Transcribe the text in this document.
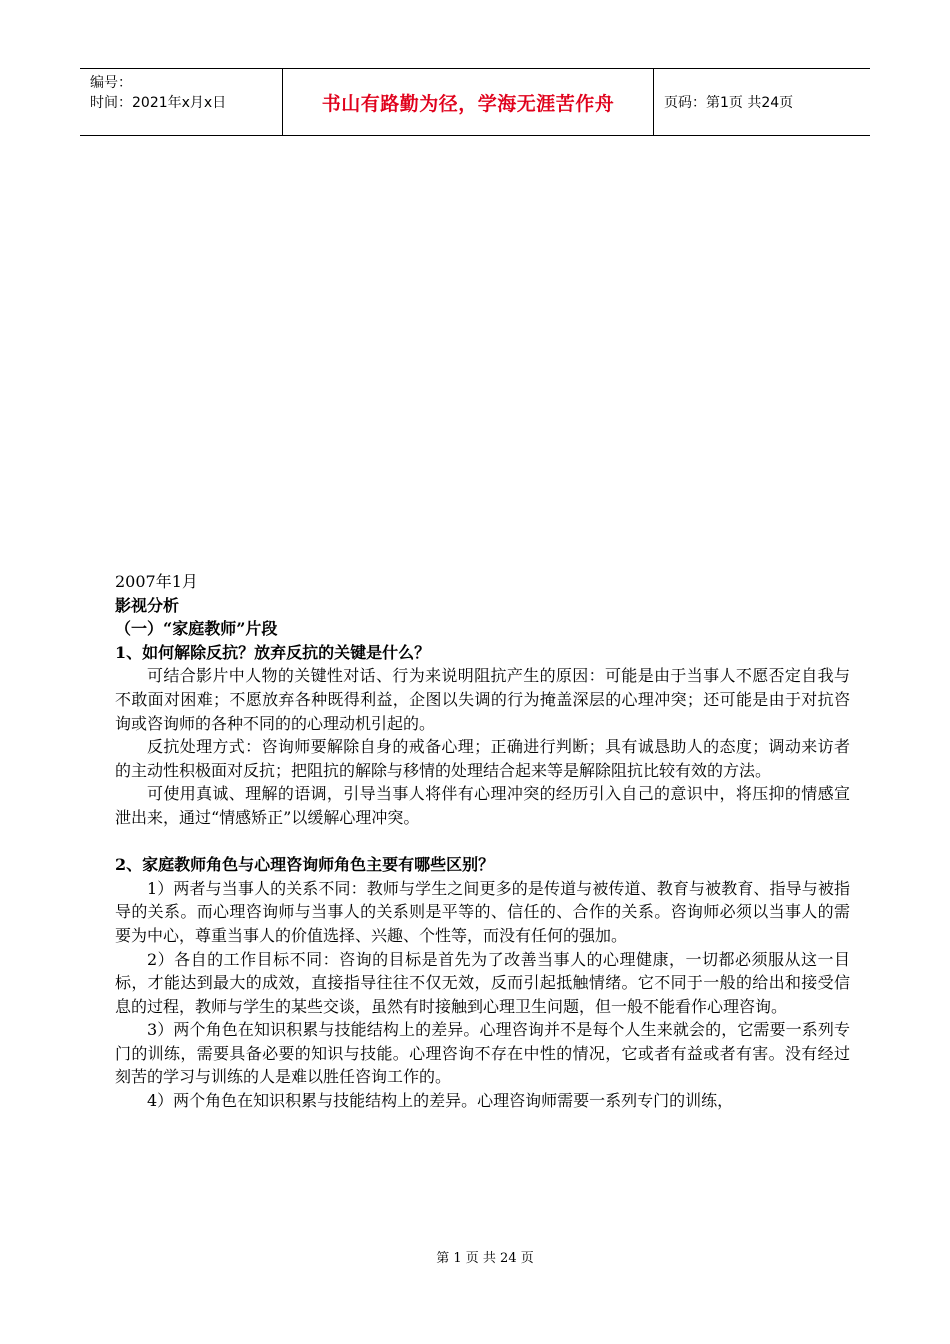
编号：
时间：2021年x月x日	书山有路勤为径，学海无涯苦作舟	页码：第1页 共24页

2007年1月

影视分析

（一）“家庭教师”片段

1、如何解除反抗？放弃反抗的关键是什么？

可结合影片中人物的关键性对话、行为来说明阻抗产生的原因：可能是由于当事人不愿否定自我与不敢面对困难；不愿放弃各种既得利益，企图以失调的行为掩盖深层的心理冲突；还可能是由于对抗咨询或咨询师的各种不同的的心理动机引起的。

反抗处理方式：咨询师要解除自身的戒备心理；正确进行判断；具有诚恳助人的态度；调动来访者的主动性积极面对反抗；把阻抗的解除与移情的处理结合起来等是解除阻抗比较有效的方法。

可使用真诚、理解的语调，引导当事人将伴有心理冲突的经历引入自己的意识中，将压抑的情感宣泄出来，通过“情感矫正”以缓解心理冲突。

2、家庭教师角色与心理咨询师角色主要有哪些区别？

1）两者与当事人的关系不同：教师与学生之间更多的是传道与被传道、教育与被教育、指导与被指导的关系。而心理咨询师与当事人的关系则是平等的、信任的、合作的关系。咨询师必须以当事人的需要为中心，尊重当事人的价值选择、兴趣、个性等，而没有任何的强加。

2）各自的工作目标不同：咨询的目标是首先为了改善当事人的心理健康，一切都必须服从这一目标，才能达到最大的成效，直接指导往往不仅无效，反而引起抵触情绪。它不同于一般的给出和接受信息的过程，教师与学生的某些交谈，虽然有时接触到心理卫生问题，但一般不能看作心理咨询。

3）两个角色在知识积累与技能结构上的差异。心理咨询并不是每个人生来就会的，它需要一系列专门的训练，需要具备必要的知识与技能。心理咨询不存在中性的情况，它或者有益或者有害。没有经过刻苦的学习与训练的人是难以胜任咨询工作的。

4）两个角色在知识积累与技能结构上的差异。心理咨询师需要一系列专门的训练，

第 1 页 共 24 页
